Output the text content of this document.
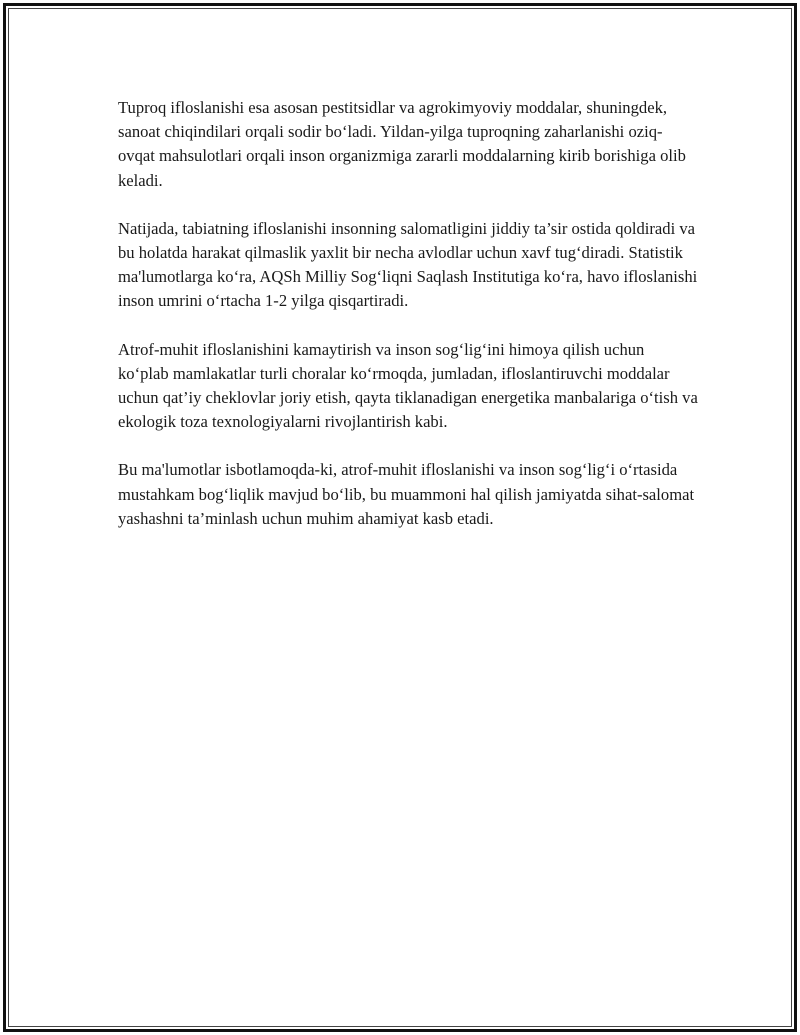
Tuproq ifloslanishi esa asosan pestitsidlar va agrokimyoviy moddalar, shuningdek, sanoat chiqindilari orqali sodir bo‘ladi. Yildan-yilga tuproqning zaharlanishi oziq-ovqat mahsulotlari orqali inson organizmiga zararli moddalarning kirib borishiga olib keladi.

Natijada, tabiatning ifloslanishi insonning salomatligini jiddiy ta’sir ostida qoldiradi va bu holatda harakat qilmaslik yaxlit bir necha avlodlar uchun xavf tug‘diradi. Statistik ma'lumotlarga ko‘ra, AQSh Milliy Sog‘liqni Saqlash Institutiga ko‘ra, havo ifloslanishi inson umrini o‘rtacha 1-2 yilga qisqartiradi.

Atrof-muhit ifloslanishini kamaytirish va inson sog‘lig‘ini himoya qilish uchun ko‘plab mamlakatlar turli choralar ko‘rmoqda, jumladan, ifloslantiruvchi moddalar uchun qat’iy cheklovlar joriy etish, qayta tiklanadigan energetika manbalariga o‘tish va ekologik toza texnologiyalarni rivojlantirish kabi.

Bu ma'lumotlar isbotlamoqda-ki, atrof-muhit ifloslanishi va inson sog‘lig‘i o‘rtasida mustahkam bog‘liqlik mavjud bo‘lib, bu muammoni hal qilish jamiyatda sihat-salomat yashashni ta’minlash uchun muhim ahamiyat kasb etadi.
